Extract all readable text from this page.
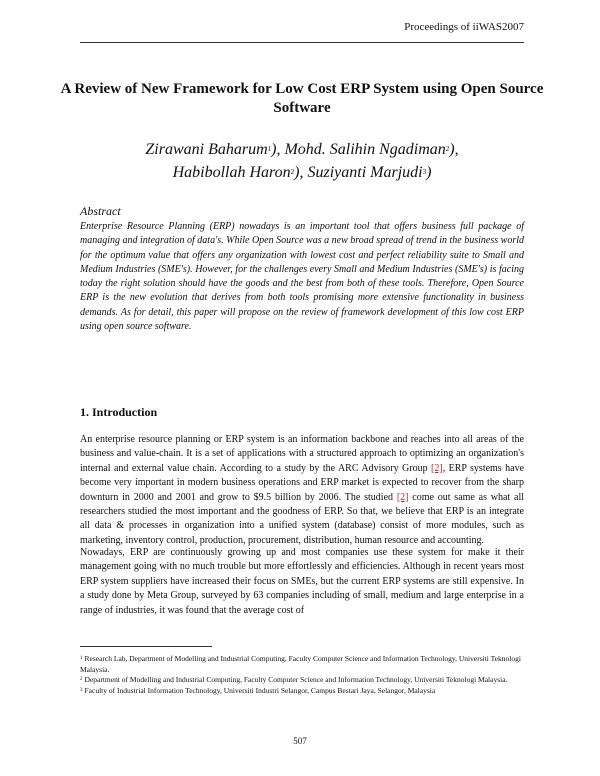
Proceedings of iiWAS2007
A Review of New Framework for Low Cost ERP System using Open Source Software
Zirawani Baharum$^1$), Mohd. Salihin Ngadiman$^2$),
Habibollah Haron$^2$), Suziyanti Marjudi$^3$)
Abstract
Enterprise Resource Planning (ERP) nowadays is an important tool that offers business full package of managing and integration of data's. While Open Source was a new broad spread of trend in the business world for the optimum value that offers any organization with lowest cost and perfect reliability suite to Small and Medium Industries (SME's). However, for the challenges every Small and Medium Industries (SME's) is facing today the right solution should have the goods and the best from both of these tools. Therefore, Open Source ERP is the new evolution that derives from both tools promising more extensive functionality in business demands. As for detail, this paper will propose on the review of framework development of this low cost ERP using open source software.
1. Introduction
An enterprise resource planning or ERP system is an information backbone and reaches into all areas of the business and value-chain. It is a set of applications with a structured approach to optimizing an organization's internal and external value chain. According to a study by the ARC Advisory Group [2], ERP systems have become very important in modern business operations and ERP market is expected to recover from the sharp downturn in 2000 and 2001 and grow to $9.5 billion by 2006. The studied [2] come out same as what all researchers studied the most important and the goodness of ERP. So that, we believe that ERP is an integrate all data & processes in organization into a unified system (database) consist of more modules, such as marketing, inventory control, production, procurement, distribution, human resource and accounting.
Nowadays, ERP are continuously growing up and most companies use these system for make it their management going with no much trouble but more effortlessly and efficiencies. Although in recent years most ERP system suppliers have increased their focus on SMEs, but the current ERP systems are still expensive. In a study done by Meta Group, surveyed by 63 companies including of small, medium and large enterprise in a range of industries, it was found that the average cost of

$^1$ Research Lab, Department of Modelling and Industrial Computing, Faculty Computer Science and Information Technology, Universiti Teknologi Malaysia.

$^2$ Department of Modelling and Industrial Computing, Faculty Computer Science and Information Technology, Universiti Teknologi Malaysia.

$^3$ Faculty of Industrial Information Technology, Universiti Industri Selangor, Campus Bestari Jaya, Selangor, Malaysia

507
